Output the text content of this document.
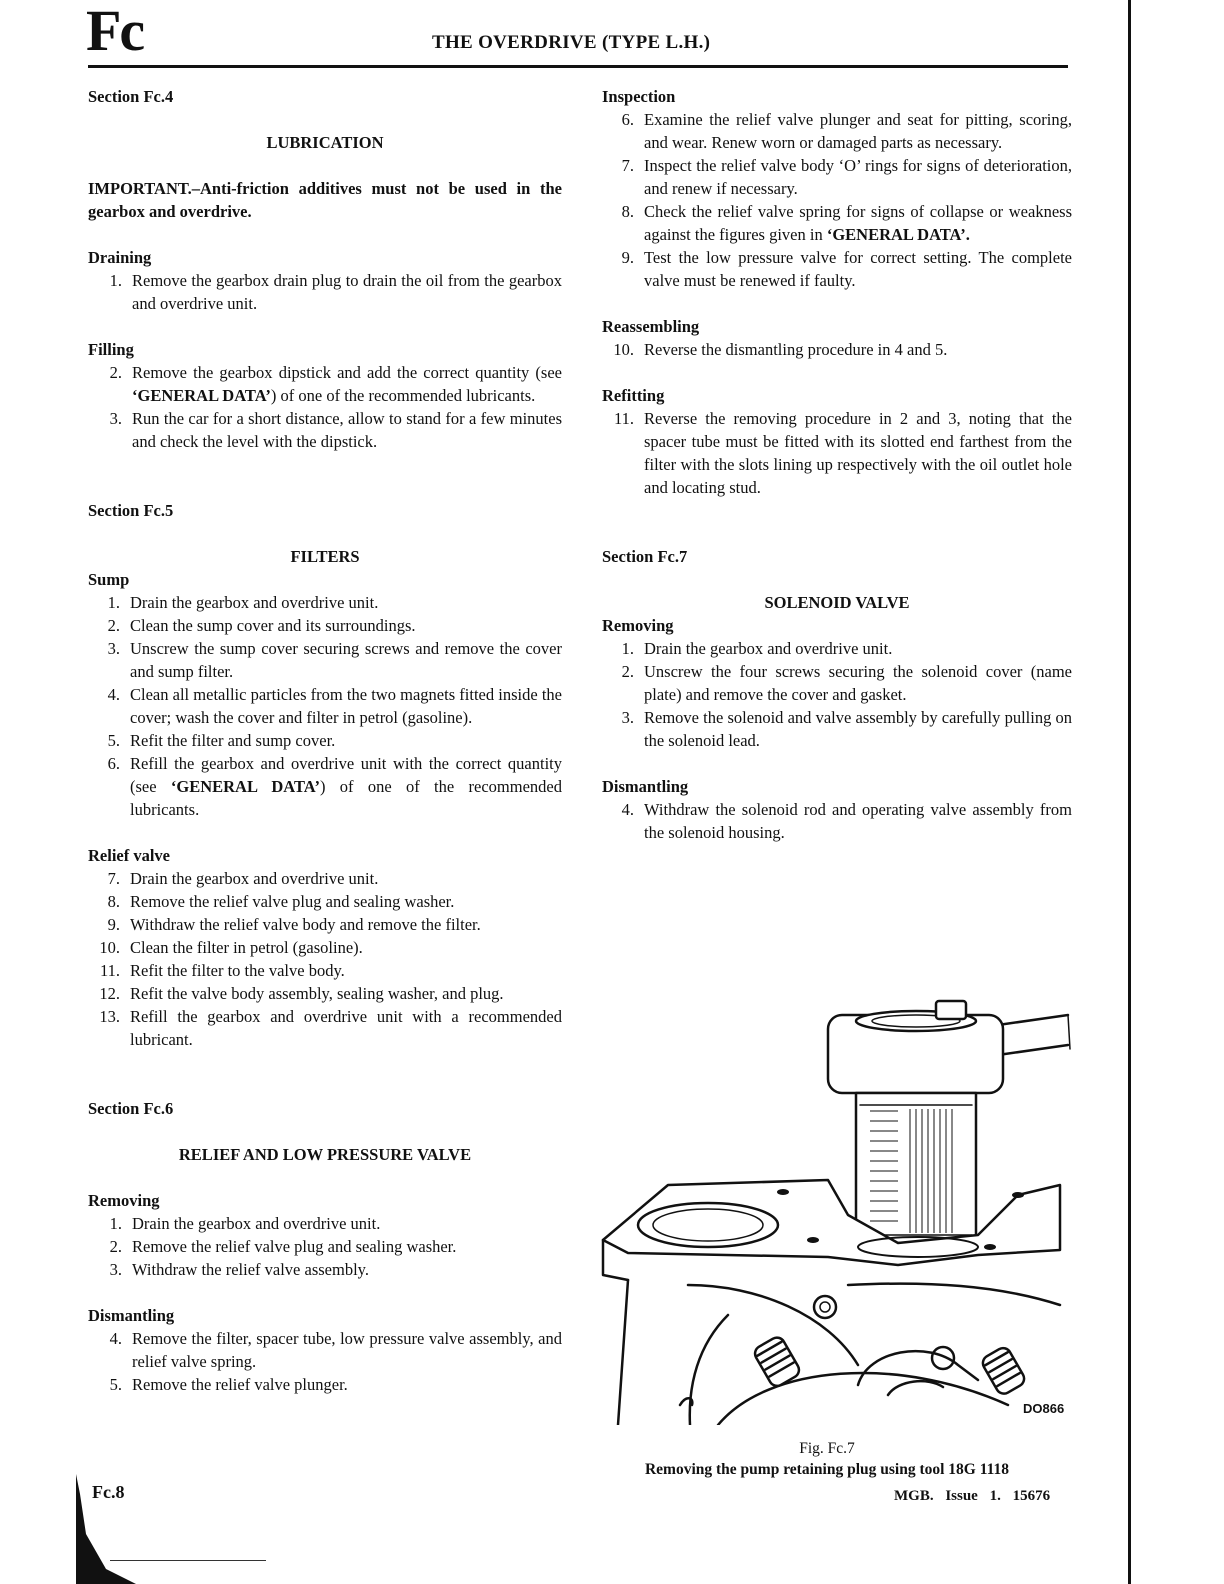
Fc	THE OVERDRIVE (TYPE L.H.)

Section Fc.4

LUBRICATION

IMPORTANT.–Anti-friction additives must not be used in the gearbox and overdrive.

Draining

1. Remove the gearbox drain plug to drain the oil from the gearbox and overdrive unit.

Filling

2. Remove the gearbox dipstick and add the correct quantity (see ‘GENERAL DATA’) of one of the recommended lubricants.
3. Run the car for a short distance, allow to stand for a few minutes and check the level with the dipstick.

Section Fc.5

FILTERS

Sump

1. Drain the gearbox and overdrive unit.
2. Clean the sump cover and its surroundings.
3. Unscrew the sump cover securing screws and remove the cover and sump filter.
4. Clean all metallic particles from the two magnets fitted inside the cover; wash the cover and filter in petrol (gasoline).
5. Refit the filter and sump cover.
6. Refill the gearbox and overdrive unit with the correct quantity (see ‘GENERAL DATA’) of one of the recommended lubricants.

Relief valve

7. Drain the gearbox and overdrive unit.
8. Remove the relief valve plug and sealing washer.
9. Withdraw the relief valve body and remove the filter.
10. Clean the filter in petrol (gasoline).
11. Refit the filter to the valve body.
12. Refit the valve body assembly, sealing washer, and plug.
13. Refill the gearbox and overdrive unit with a recommended lubricant.

Section Fc.6

RELIEF AND LOW PRESSURE VALVE

Removing

1. Drain the gearbox and overdrive unit.
2. Remove the relief valve plug and sealing washer.
3. Withdraw the relief valve assembly.

Dismantling

4. Remove the filter, spacer tube, low pressure valve assembly, and relief valve spring.
5. Remove the relief valve plunger.

Inspection

6. Examine the relief valve plunger and seat for pitting, scoring, and wear. Renew worn or damaged parts as necessary.
7. Inspect the relief valve body ‘O’ rings for signs of deterioration, and renew if necessary.
8. Check the relief valve spring for signs of collapse or weakness against the figures given in ‘GENERAL DATA’.
9. Test the low pressure valve for correct setting. The complete valve must be renewed if faulty.

Reassembling

10. Reverse the dismantling procedure in 4 and 5.

Refitting

11. Reverse the removing procedure in 2 and 3, noting that the spacer tube must be fitted with its slotted end farthest from the filter with the slots lining up respectively with the oil outlet hole and locating stud.

Section Fc.7

SOLENOID VALVE

Removing

1. Drain the gearbox and overdrive unit.
2. Unscrew the four screws securing the solenoid cover (name plate) and remove the cover and gasket.
3. Remove the solenoid and valve assembly by carefully pulling on the solenoid lead.

Dismantling

4. Withdraw the solenoid rod and operating valve assembly from the solenoid housing.
DO866
Fig. Fc.7
Removing the pump retaining plug using tool 18G 1118
Fc.8	MGB. Issue 1. 15676
